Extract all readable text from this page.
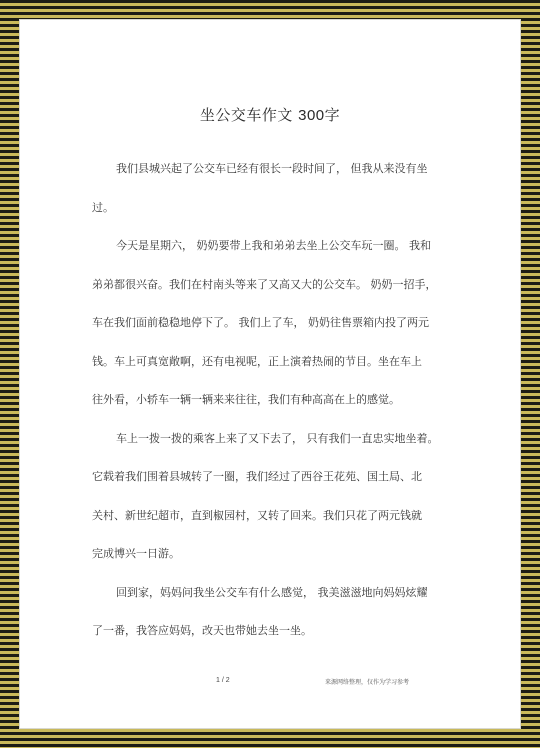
坐公交车作文 300字
我们县城兴起了公交车已经有很长一段时间了， 但我从来没有坐
过。
今天是星期六， 奶奶要带上我和弟弟去坐上公交车玩一圈。 我和
弟弟都很兴奋。我们在村南头等来了又高又大的公交车。 奶奶一招手，
车在我们面前稳稳地停下了。 我们上了车， 奶奶往售票箱内投了两元
钱。车上可真宽敞啊，还有电视呢，正上演着热闹的节目。坐在车上
往外看，小轿车一辆一辆来来往往，我们有种高高在上的感觉。
车上一拨一拨的乘客上来了又下去了， 只有我们一直忠实地坐着。
它载着我们围着县城转了一圈，我们经过了西谷王花苑、国土局、北
关村、新世纪超市，直到椒园村，又转了回来。我们只花了两元钱就
完成博兴一日游。
回到家，妈妈问我坐公交车有什么感觉， 我美滋滋地向妈妈炫耀
了一番，我答应妈妈，改天也带她去坐一坐。
1 / 2	来源网络整理，仅作为学习参考
